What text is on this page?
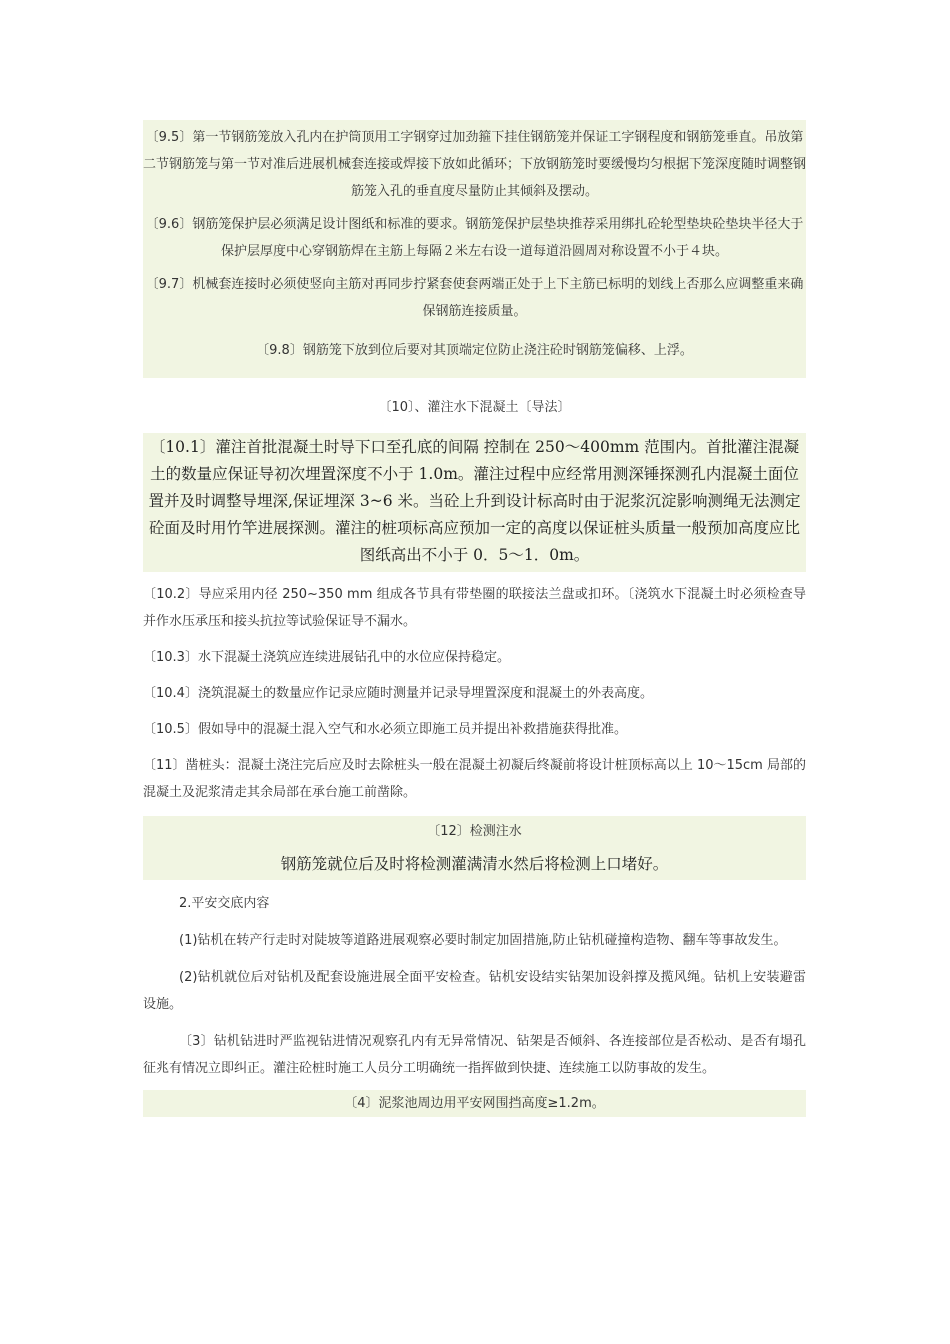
〔9.5〕第一节钢筋笼放入孔内在护筒顶用工字钢穿过加劲箍下挂住钢筋笼并保证工字钢程度和钢筋笼垂直。吊放第二节钢筋笼与第一节对准后进展机械套连接或焊接下放如此循环；下放钢筋笼时要缓慢均匀根据下笼深度随时调整钢筋笼入孔的垂直度尽量防止其倾斜及摆动。

〔9.6〕钢筋笼保护层必须满足设计图纸和标准的要求。钢筋笼保护层垫块推荐采用绑扎砼轮型垫块砼垫块半径大于保护层厚度中心穿钢筋焊在主筋上每隔２米左右设一道每道沿圆周对称设置不小于４块。

〔9.7〕机械套连接时必须使竖向主筋对再同步拧紧套使套两端正处于上下主筋已标明的划线上否那么应调整重来确保钢筋连接质量。

〔9.8〕钢筋笼下放到位后要对其顶端定位防止浇注砼时钢筋笼偏移、上浮。

〔10〕、灌注水下混凝土〔导法〕

〔10.1〕灌注首批混凝土时导下口至孔底的间隔 控制在 250～400mm 范围内。首批灌注混凝土的数量应保证导初次埋置深度不小于 1.0m。灌注过程中应经常用测深锤探测孔内混凝土面位置并及时调整导埋深,保证埋深 3~6 米。当砼上升到设计标高时由于泥浆沉淀影响测绳无法测定砼面及时用竹竿进展探测。灌注的桩项标高应预加一定的高度以保证桩头质量一般预加高度应比图纸高出不小于 0．5～1．0m。

〔10.2〕导应采用内径 250~350 mm 组成各节具有带垫圈的联接法兰盘或扣环。〔浇筑水下混凝土时必须检查导并作水压承压和接头抗拉等试验保证导不漏水。

〔10.3〕水下混凝土浇筑应连续进展钻孔中的水位应保持稳定。

〔10.4〕浇筑混凝土的数量应作记录应随时测量并记录导埋置深度和混凝土的外表高度。

〔10.5〕假如导中的混凝土混入空气和水必须立即施工员并提出补救措施获得批准。

〔11〕凿桩头：混凝土浇注完后应及时去除桩头一般在混凝土初凝后终凝前将设计桩顶标高以上 10～15cm 局部的混凝土及泥浆清走其余局部在承台施工前凿除。

〔12〕检测注水

钢筋笼就位后及时将检测灌满清水然后将检测上口堵好。

2.平安交底内容

(1)钻机在转产行走时对陡坡等道路进展观察必要时制定加固措施,防止钻机碰撞构造物、翻车等事故发生。

(2)钻机就位后对钻机及配套设施进展全面平安检查。钻机安设结实钻架加设斜撑及揽风绳。钻机上安装避雷设施。

〔3〕钻机钻进时严监视钻进情况观察孔内有无异常情况、钻架是否倾斜、各连接部位是否松动、是否有塌孔征兆有情况立即纠正。灌注砼桩时施工人员分工明确统一指挥做到快捷、连续施工以防事故的发生。

〔4〕泥浆池周边用平安网围挡高度≥1.2m。
